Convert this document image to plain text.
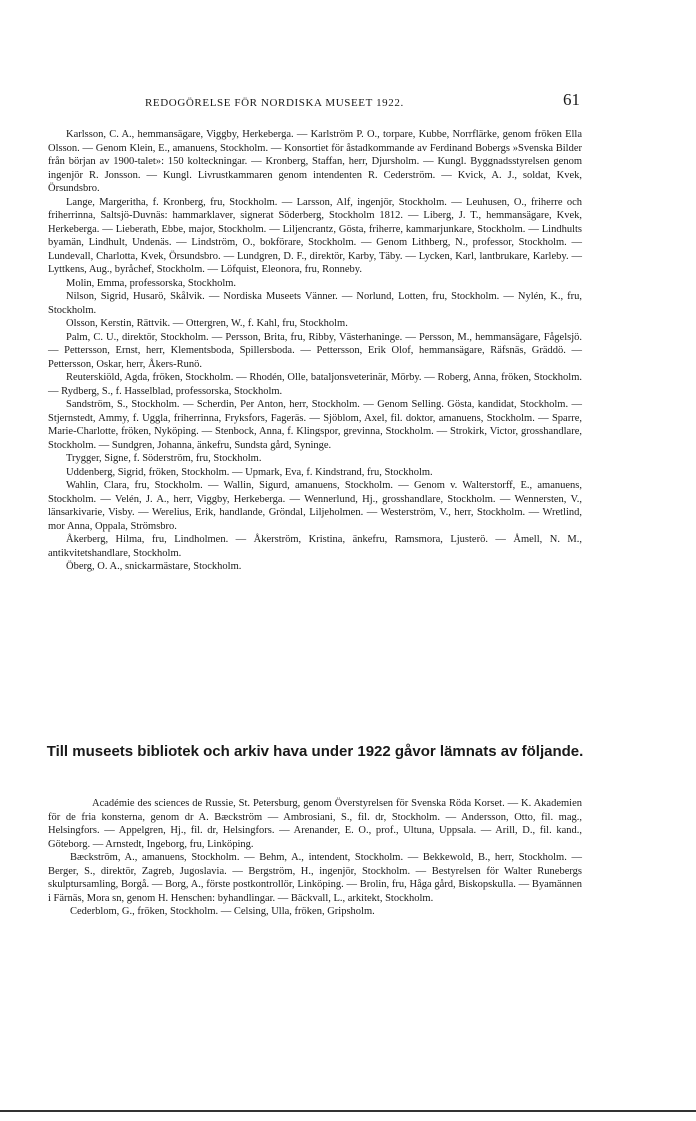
REDOGÖRELSE FÖR NORDISKA MUSEET 1922.	61

Karlsson, C. A., hemmansägare, Viggby, Herkeberga. — Karlström P. O., torpare, Kubbe, Norrflärke, genom fröken Ella Olsson. — Genom Klein, E., amanuens, Stockholm. — Konsortiet för åstadkommande av Ferdinand Bobergs »Svenska Bilder från början av 1900-talet»: 150 kolteckningar. — Kronberg, Staffan, herr, Djursholm. — Kungl. Byggnadsstyrelsen genom ingenjör R. Jonsson. — Kungl. Livrustkammaren genom intendenten R. Cederström. — Kvick, A. J., soldat, Kvek, Örsundsbro.

Lange, Margeritha, f. Kronberg, fru, Stockholm. — Larsson, Alf, ingenjör, Stockholm. — Leuhusen, O., friherre och friherrinna, Saltsjö-Duvnäs: hammarklaver, signerat Söderberg, Stockholm 1812. — Liberg, J. T., hemmansägare, Kvek, Herkeberga. — Lieberath, Ebbe, major, Stockholm. — Liljencrantz, Gösta, friherre, kammarjunkare, Stockholm. — Lindhults byamän, Lindhult, Undenäs. — Lindström, O., bokförare, Stockholm. — Genom Lithberg, N., professor, Stockholm. — Lundevall, Charlotta, Kvek, Örsundsbro. — Lundgren, D. F., direktör, Karby, Täby. — Lycken, Karl, lantbrukare, Karleby. — Lyttkens, Aug., byråchef, Stockholm. — Löfquist, Eleonora, fru, Ronneby.

Molin, Emma, professorska, Stockholm.

Nilson, Sigrid, Husarö, Skålvik. — Nordiska Museets Vänner. — Norlund, Lotten, fru, Stockholm. — Nylén, K., fru, Stockholm.

Olsson, Kerstin, Rättvik. — Ottergren, W., f. Kahl, fru, Stockholm.

Palm, C. U., direktör, Stockholm. — Persson, Brita, fru, Ribby, Västerhaninge. — Persson, M., hemmansägare, Fågelsjö. — Pettersson, Ernst, herr, Klementsboda, Spillersboda. — Pettersson, Erik Olof, hemmansägare, Räfsnäs, Gräddö. — Pettersson, Oskar, herr, Åkers-Runö.

Reuterskiöld, Agda, fröken, Stockholm. — Rhodén, Olle, bataljonsveterinär, Mörby. — Roberg, Anna, fröken, Stockholm. — Rydberg, S., f. Hasselblad, professorska, Stockholm.

Sandström, S., Stockholm. — Scherdin, Per Anton, herr, Stockholm. — Genom Selling. Gösta, kandidat, Stockholm. — Stjernstedt, Ammy, f. Uggla, friherrinna, Fryksfors, Fageräs. — Sjöblom, Axel, fil. doktor, amanuens, Stockholm. — Sparre, Marie-Charlotte, fröken, Nyköping. — Stenbock, Anna, f. Klingspor, grevinna, Stockholm. — Strokirk, Victor, grosshandlare, Stockholm. — Sundgren, Johanna, änkefru, Sundsta gård, Syninge.

Trygger, Signe, f. Söderström, fru, Stockholm.

Uddenberg, Sigrid, fröken, Stockholm. — Upmark, Eva, f. Kindstrand, fru, Stockholm.

Wahlin, Clara, fru, Stockholm. — Wallin, Sigurd, amanuens, Stockholm. — Genom v. Walterstorff, E., amanuens, Stockholm. — Velén, J. A., herr, Viggby, Herkeberga. — Wennerlund, Hj., grosshandlare, Stockholm. — Wennersten, V., länsarkivarie, Visby. — Werelius, Erik, handlande, Gröndal, Liljeholmen. — Westerström, V., herr, Stockholm. — Wretlind, mor Anna, Oppala, Strömsbro.

Åkerberg, Hilma, fru, Lindholmen. — Åkerström, Kristina, änkefru, Ramsmora, Ljusterö. — Åmell, N. M., antikvitetshandlare, Stockholm.

Öberg, O. A., snickarmästare, Stockholm.

Till museets bibliotek och arkiv hava under 1922 gåvor lämnats av följande.

Académie des sciences de Russie, St. Petersburg, genom Överstyrelsen för Svenska Röda Korset. — K. Akademien för de fria konsterna, genom dr A. Bæckström — Ambrosiani, S., fil. dr, Stockholm. — Andersson, Otto, fil. mag., Helsingfors. — Appelgren, Hj., fil. dr, Helsingfors. — Arenander, E. O., prof., Ultuna, Uppsala. — Arill, D., fil. kand., Göteborg. — Arnstedt, Ingeborg, fru, Linköping.

Bæckström, A., amanuens, Stockholm. — Behm, A., intendent, Stockholm. — Bekkewold, B., herr, Stockholm. — Berger, S., direktör, Zagreb, Jugoslavia. — Bergström, H., ingenjör, Stockholm. — Bestyrelsen för Walter Runebergs skulptursamling, Borgå. — Borg, A., förste postkontrollör, Linköping. — Brolin, fru, Håga gård, Biskopskulla. — Byamännen i Färnäs, Mora sn, genom H. Henschen: byhandlingar. — Bäckvall, L., arkitekt, Stockholm.

Cederblom, G., fröken, Stockholm. — Celsing, Ulla, fröken, Gripsholm.
